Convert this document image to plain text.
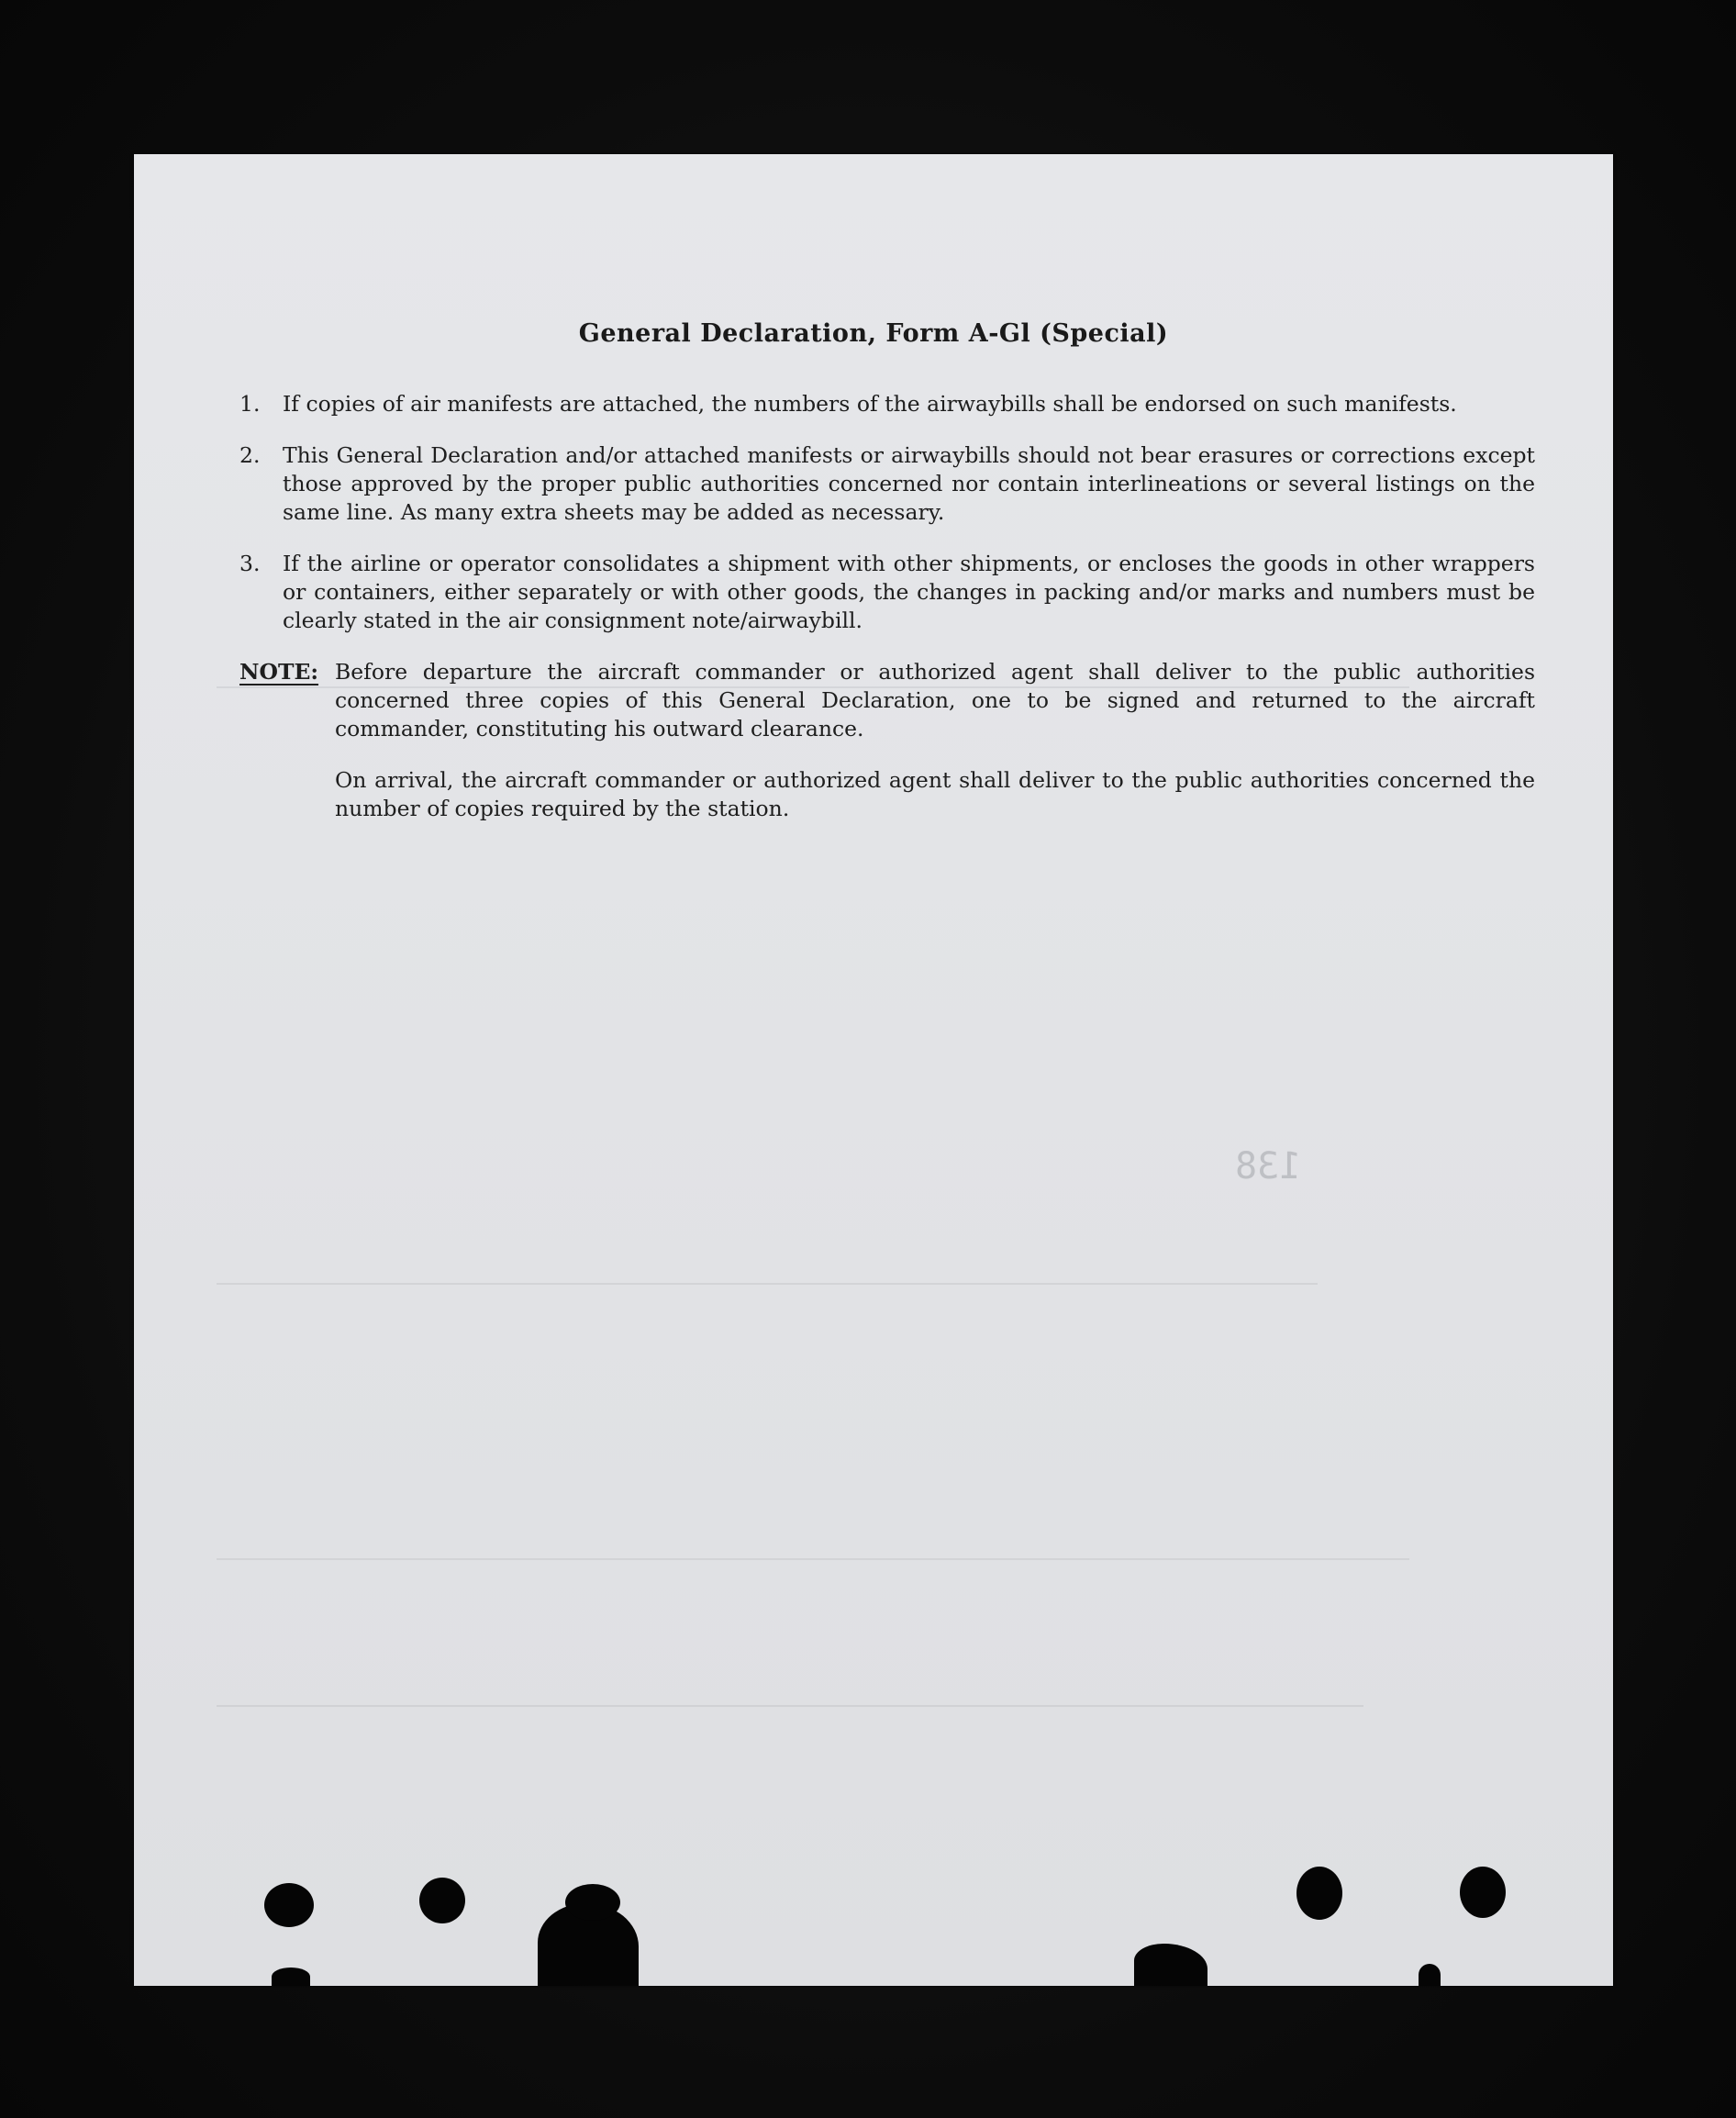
138
General Declaration, Form A-Gl (Special)
1.	If copies of air manifests are attached, the numbers of the airwaybills shall be endorsed on such manifests.
2.	This General Declaration and/or attached manifests or airwaybills should not bear erasures or corrections except those approved by the proper public authorities concerned nor contain interlineations or several listings on the same line. As many extra sheets may be added as necessary.
3.	If the airline or operator consolidates a shipment with other shipments, or encloses the goods in other wrappers or containers, either separately or with other goods, the changes in packing and/or marks and numbers must be clearly stated in the air consignment note/airwaybill.
NOTE: Before departure the aircraft commander or authorized agent shall deliver to the public authorities concerned three copies of this General Declaration, one to be signed and returned to the aircraft commander, constituting his outward clearance.
On arrival, the aircraft commander or authorized agent shall deliver to the public authorities concerned the number of copies required by the station.
